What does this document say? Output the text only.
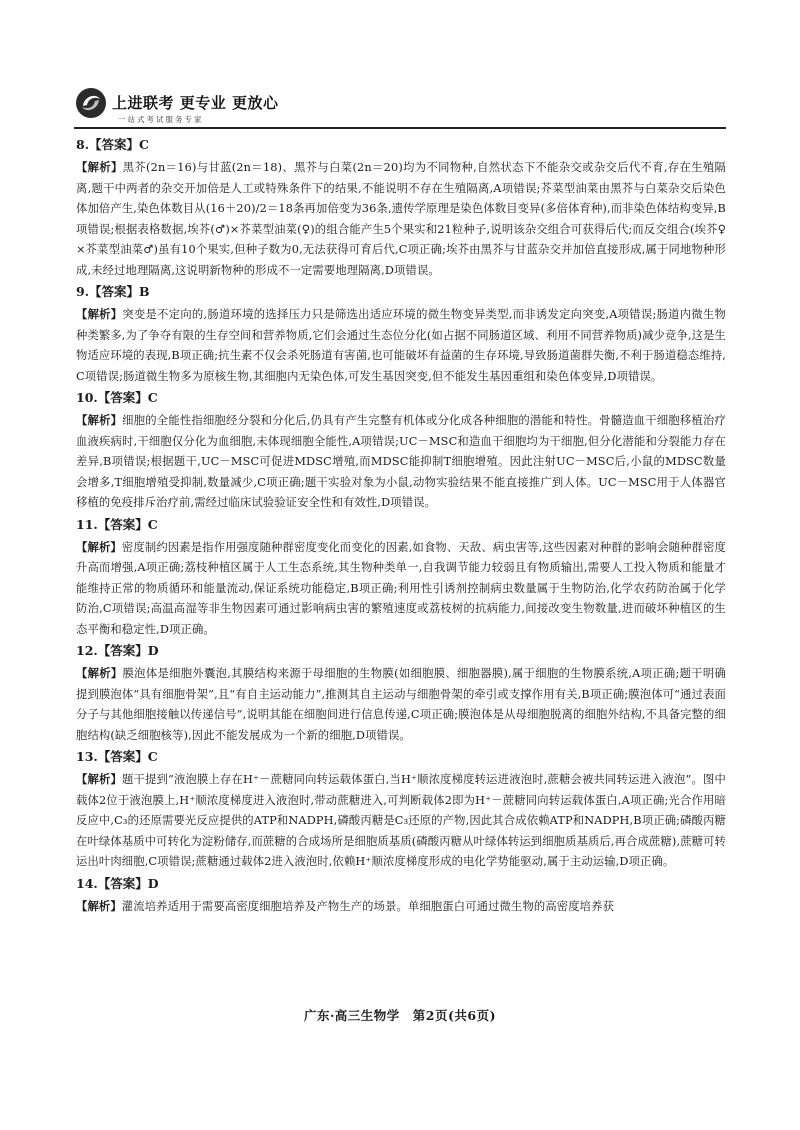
上进联考 更专业 更放心
一站式考试服务专家
8.【答案】C
【解析】黑芥(2n＝16)与甘蓝(2n＝18)、黑芥与白菜(2n＝20)均为不同物种,自然状态下不能杂交或杂交后代不育,存在生殖隔离,题干中两者的杂交开加倍是人工或特殊条件下的结果,不能说明不存在生殖隔离,A项错误;芥菜型油菜由黑芥与白菜杂交后染色体加倍产生,染色体数目从(16＋20)/2＝18条再加倍变为36条,遗传学原理是染色体数目变异(多倍体育种),而非染色体结构变异,B项错误;根据表格数据,埃芥(♂)×芥菜型油菜(♀)的组合能产生5个果实和21粒种子,说明该杂交组合可获得后代;而反交组合(埃芥♀×芥菜型油菜♂)虽有10个果实,但种子数为0,无法获得可育后代,C项正确;埃芥由黑芥与甘蓝杂交并加倍直接形成,属于同地物种形成,未经过地理隔离,这说明新物种的形成不一定需要地理隔离,D项错误。
9.【答案】B
【解析】突变是不定向的,肠道环境的选择压力只是筛选出适应环境的微生物变异类型,而非诱发定向突变,A项错误;肠道内微生物种类繁多,为了争夺有限的生存空间和营养物质,它们会通过生态位分化(如占据不同肠道区域、利用不同营养物质)减少竞争,这是生物适应环境的表现,B项正确;抗生素不仅会杀死肠道有害菌,也可能破坏有益菌的生存环境,导致肠道菌群失衡,不利于肠道稳态维持,C项错误;肠道微生物多为原核生物,其细胞内无染色体,可发生基因突变,但不能发生基因重组和染色体变异,D项错误。
10.【答案】C
【解析】细胞的全能性指细胞经分裂和分化后,仍具有产生完整有机体或分化成各种细胞的潜能和特性。骨髓造血干细胞移植治疗血液疾病时,干细胞仅分化为血细胞,未体现细胞全能性,A项错误;UC－MSC和造血干细胞均为干细胞,但分化潜能和分裂能力存在差异,B项错误;根据题干,UC－MSC可促进MDSC增殖,而MDSC能抑制T细胞增殖。因此注射UC－MSC后,小鼠的MDSC数量会增多,T细胞增殖受抑制,数量减少,C项正确;题干实验对象为小鼠,动物实验结果不能直接推广到人体。UC－MSC用于人体器官移植的免疫排斥治疗前,需经过临床试验验证安全性和有效性,D项错误。
11.【答案】C
【解析】密度制约因素是指作用强度随种群密度变化而变化的因素,如食物、天敌、病虫害等,这些因素对种群的影响会随种群密度升高而增强,A项正确;荔枝种植区属于人工生态系统,其生物种类单一,自我调节能力较弱且有物质输出,需要人工投入物质和能量才能维持正常的物质循环和能量流动,保证系统功能稳定,B项正确;利用性引诱剂控制病虫数量属于生物防治,化学农药防治属于化学防治,C项错误;高温高湿等非生物因素可通过影响病虫害的繁殖速度或荔枝树的抗病能力,间接改变生物数量,进而破坏种植区的生态平衡和稳定性,D项正确。
12.【答案】D
【解析】膜泡体是细胞外囊泡,其膜结构来源于母细胞的生物膜(如细胞膜、细胞器膜),属于细胞的生物膜系统,A项正确;题干明确提到膜泡体“具有细胞骨架”,且“有自主运动能力”,推测其自主运动与细胞骨架的牵引或支撑作用有关,B项正确;膜泡体可“通过表面分子与其他细胞接触以传递信号”,说明其能在细胞间进行信息传递,C项正确;膜泡体是从母细胞脱离的细胞外结构,不具备完整的细胞结构(缺乏细胞核等),因此不能发展成为一个新的细胞,D项错误。
13.【答案】C
【解析】题干提到“液泡膜上存在H⁺－蔗糖同向转运载体蛋白,当H⁺顺浓度梯度转运进液泡时,蔗糖会被共同转运进入液泡”。图中载体2位于液泡膜上,H⁺顺浓度梯度进入液泡时,带动蔗糖进入,可判断载体2即为H⁺－蔗糖同向转运载体蛋白,A项正确;光合作用暗反应中,C₃的还原需要光反应提供的ATP和NADPH,磷酸丙糖是C₃还原的产物,因此其合成依赖ATP和NADPH,B项正确;磷酸丙糖在叶绿体基质中可转化为淀粉储存,而蔗糖的合成场所是细胞质基质(磷酸丙糖从叶绿体转运到细胞质基质后,再合成蔗糖),蔗糖可转运出叶肉细胞,C项错误;蔗糖通过载体2进入液泡时,依赖H⁺顺浓度梯度形成的电化学势能驱动,属于主动运输,D项正确。
14.【答案】D
【解析】灌流培养适用于需要高密度细胞培养及产物生产的场景。单细胞蛋白可通过微生物的高密度培养获
广东·高三生物学　第2页(共6页)
